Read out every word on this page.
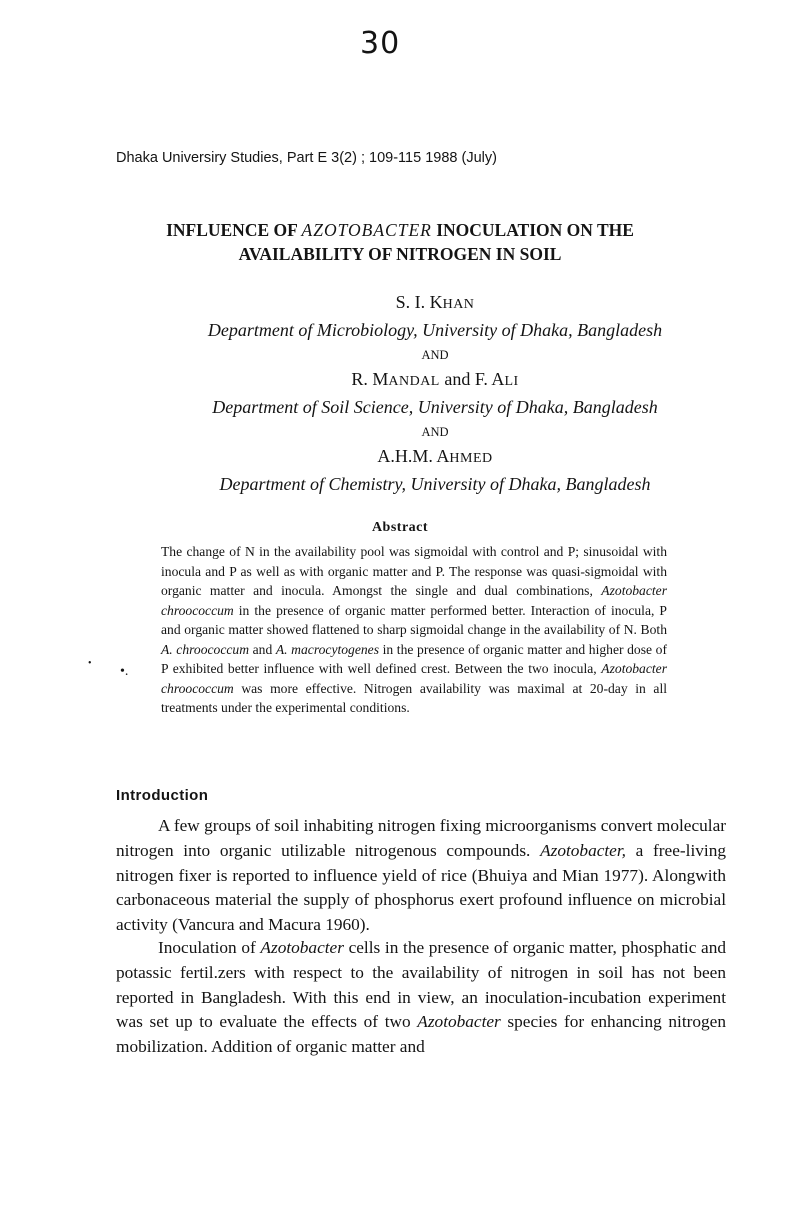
30
Dhaka Universiry Studies, Part E 3(2) ; 109-115 1988 (July)
INFLUENCE OF AZOTOBACTER INOCULATION ON THE
AVAILABILITY OF NITROGEN IN SOIL
S. I. KHAN
Department of Microbiology, University of Dhaka, Bangladesh
AND
R. MANDAL and F. ALI
Department of Soil Science, University of Dhaka, Bangladesh
AND
A.H.M. AHMED
Department of Chemistry, University of Dhaka, Bangladesh
Abstract
•
•.
The change of N in the availability pool was sigmoidal with control and P; sinusoidal with inocula and P as well as with organic matter and P. The response was quasi-sigmoidal with organic matter and inocula. Amongst the single and dual combinations, Azotobacter chroococcum in the presence of organic matter performed better. Interaction of inocula, P and organic matter showed flattened to sharp sigmoidal change in the availability of N. Both A. chroococcum and A. macrocytogenes in the presence of organic matter and higher dose of P exhibited better influence with well defined crest. Between the two inocula, Azotobacter chroococcum was more effective. Nitrogen availability was maximal at 20-day in all treatments under the experimental conditions.
Introduction
A few groups of soil inhabiting nitrogen fixing microorganisms convert molecular nitrogen into organic utilizable nitrogenous compounds. Azotobacter, a free-living nitrogen fixer is reported to influence yield of rice (Bhuiya and Mian 1977). Alongwith carbonaceous material the supply of phosphorus exert profound influence on microbial activity (Vancura and Macura 1960).
Inoculation of Azotobacter cells in the presence of organic matter, phosphatic and potassic fertil.zers with respect to the availability of nitrogen in soil has not been reported in Bangladesh. With this end in view, an inoculation-incubation experiment was set up to evaluate the effects of two Azotobacter species for enhancing nitrogen mobilization. Addition of organic matter and
